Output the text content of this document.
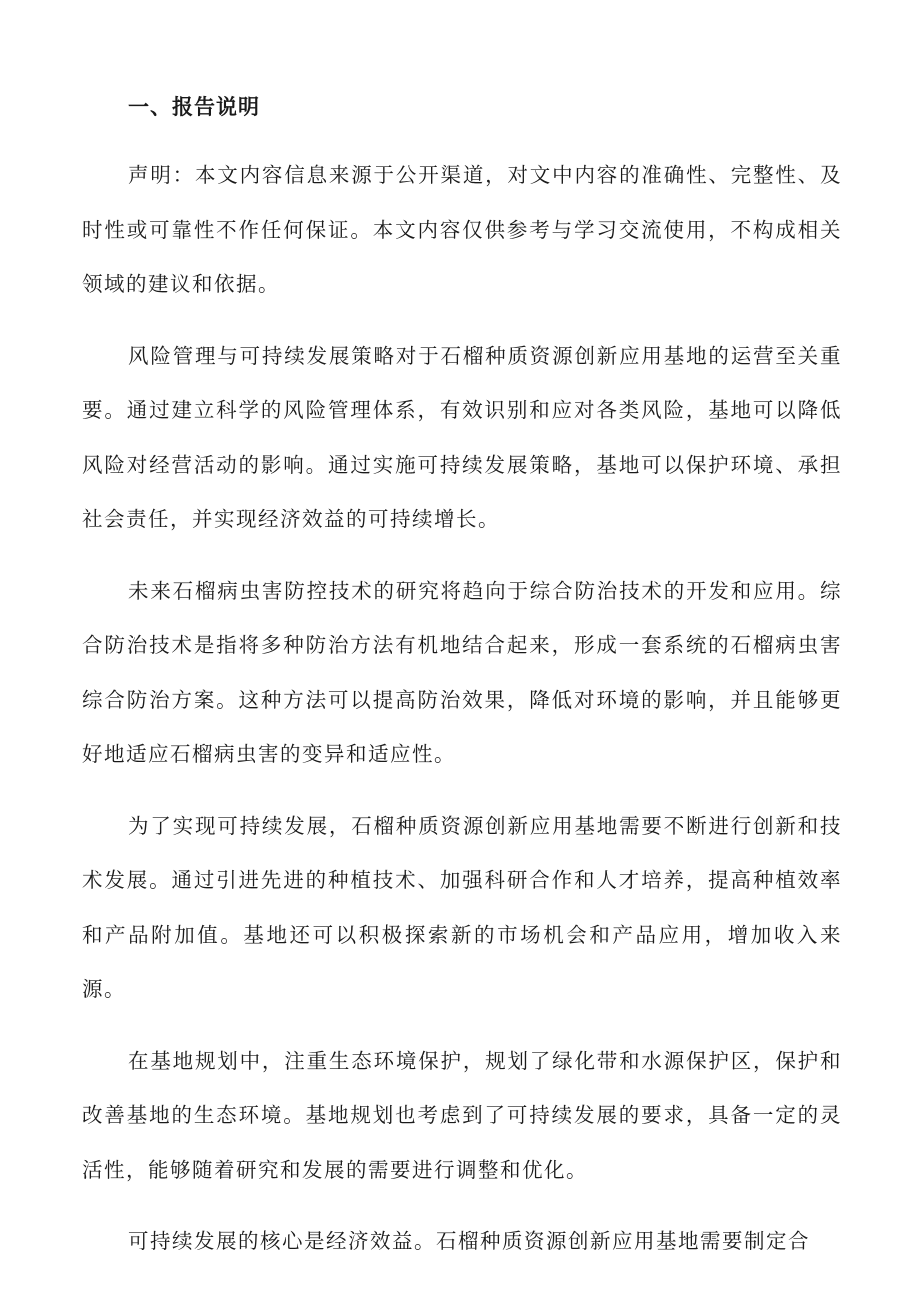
一、报告说明

声明：本文内容信息来源于公开渠道，对文中内容的准确性、完整性、及时性或可靠性不作任何保证。本文内容仅供参考与学习交流使用，不构成相关领域的建议和依据。

风险管理与可持续发展策略对于石榴种质资源创新应用基地的运营至关重要。通过建立科学的风险管理体系，有效识别和应对各类风险，基地可以降低风险对经营活动的影响。通过实施可持续发展策略，基地可以保护环境、承担社会责任，并实现经济效益的可持续增长。

未来石榴病虫害防控技术的研究将趋向于综合防治技术的开发和应用。综合防治技术是指将多种防治方法有机地结合起来，形成一套系统的石榴病虫害综合防治方案。这种方法可以提高防治效果，降低对环境的影响，并且能够更好地适应石榴病虫害的变异和适应性。

为了实现可持续发展，石榴种质资源创新应用基地需要不断进行创新和技术发展。通过引进先进的种植技术、加强科研合作和人才培养，提高种植效率和产品附加值。基地还可以积极探索新的市场机会和产品应用，增加收入来源。

在基地规划中，注重生态环境保护，规划了绿化带和水源保护区，保护和改善基地的生态环境。基地规划也考虑到了可持续发展的要求，具备一定的灵活性，能够随着研究和发展的需要进行调整和优化。

可持续发展的核心是经济效益。石榴种质资源创新应用基地需要制定合
